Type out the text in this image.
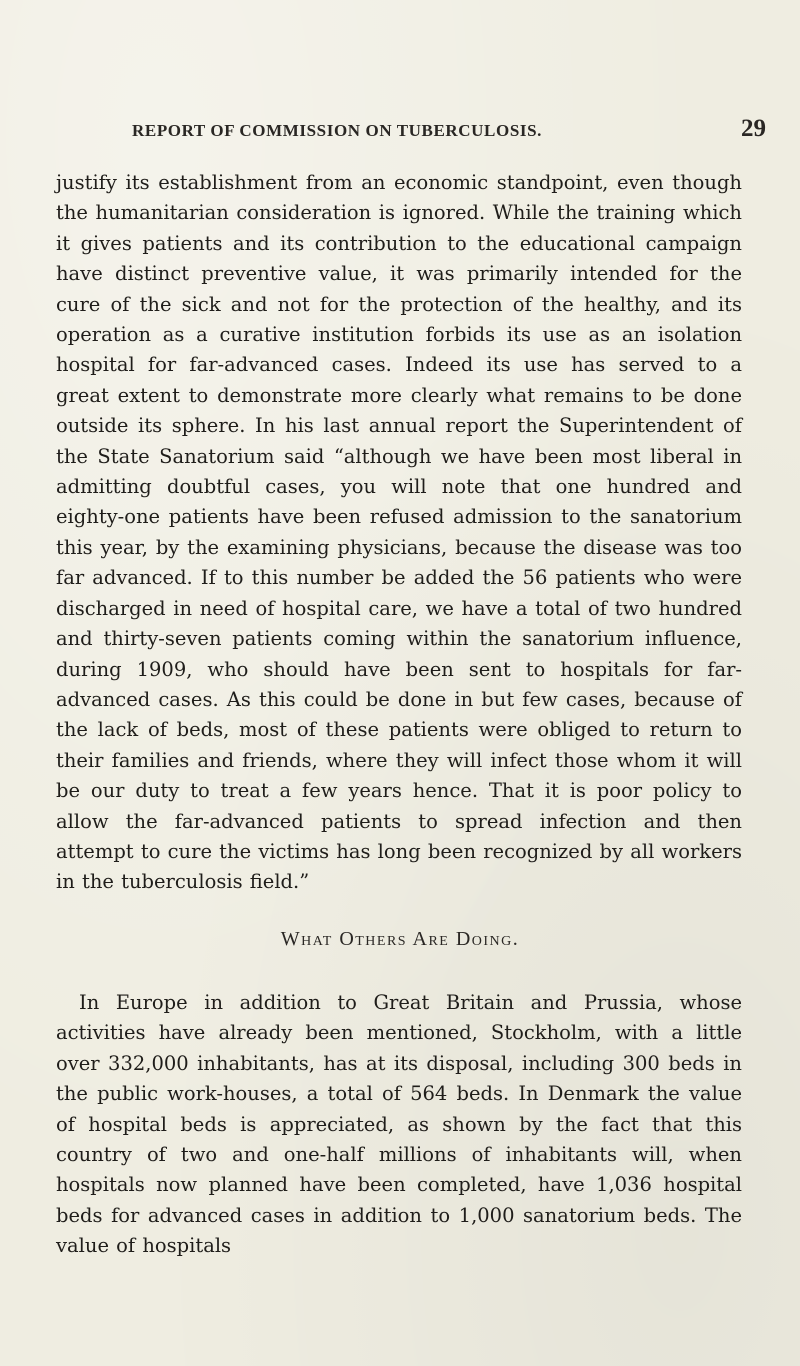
REPORT OF COMMISSION ON TUBERCULOSIS.	29

justify its establishment from an economic standpoint, even though the humanitarian consideration is ignored. While the training which it gives patients and its contribution to the educational campaign have distinct preventive value, it was primarily intended for the cure of the sick and not for the protection of the healthy, and its operation as a curative institution forbids its use as an isolation hospital for far-advanced cases. Indeed its use has served to a great extent to demonstrate more clearly what remains to be done outside its sphere. In his last annual report the Superintendent of the State Sanatorium said “although we have been most liberal in admitting doubtful cases, you will note that one hundred and eighty-one patients have been refused admission to the sanatorium this year, by the examining physicians, because the disease was too far advanced. If to this number be added the 56 patients who were discharged in need of hospital care, we have a total of two hundred and thirty-seven patients coming within the sanatorium influence, during 1909, who should have been sent to hospitals for far-advanced cases. As this could be done in but few cases, because of the lack of beds, most of these patients were obliged to return to their families and friends, where they will infect those whom it will be our duty to treat a few years hence. That it is poor policy to allow the far-advanced patients to spread infection and then attempt to cure the victims has long been recognized by all workers in the tuberculosis field.”

What Others Are Doing.

In Europe in addition to Great Britain and Prussia, whose activities have already been mentioned, Stockholm, with a little over 332,000 inhabitants, has at its disposal, including 300 beds in the public work-houses, a total of 564 beds. In Denmark the value of hospital beds is appreciated, as shown by the fact that this country of two and one-half millions of inhabitants will, when hospitals now planned have been completed, have 1,036 hospital beds for advanced cases in addition to 1,000 sanatorium beds. The value of hospitals
